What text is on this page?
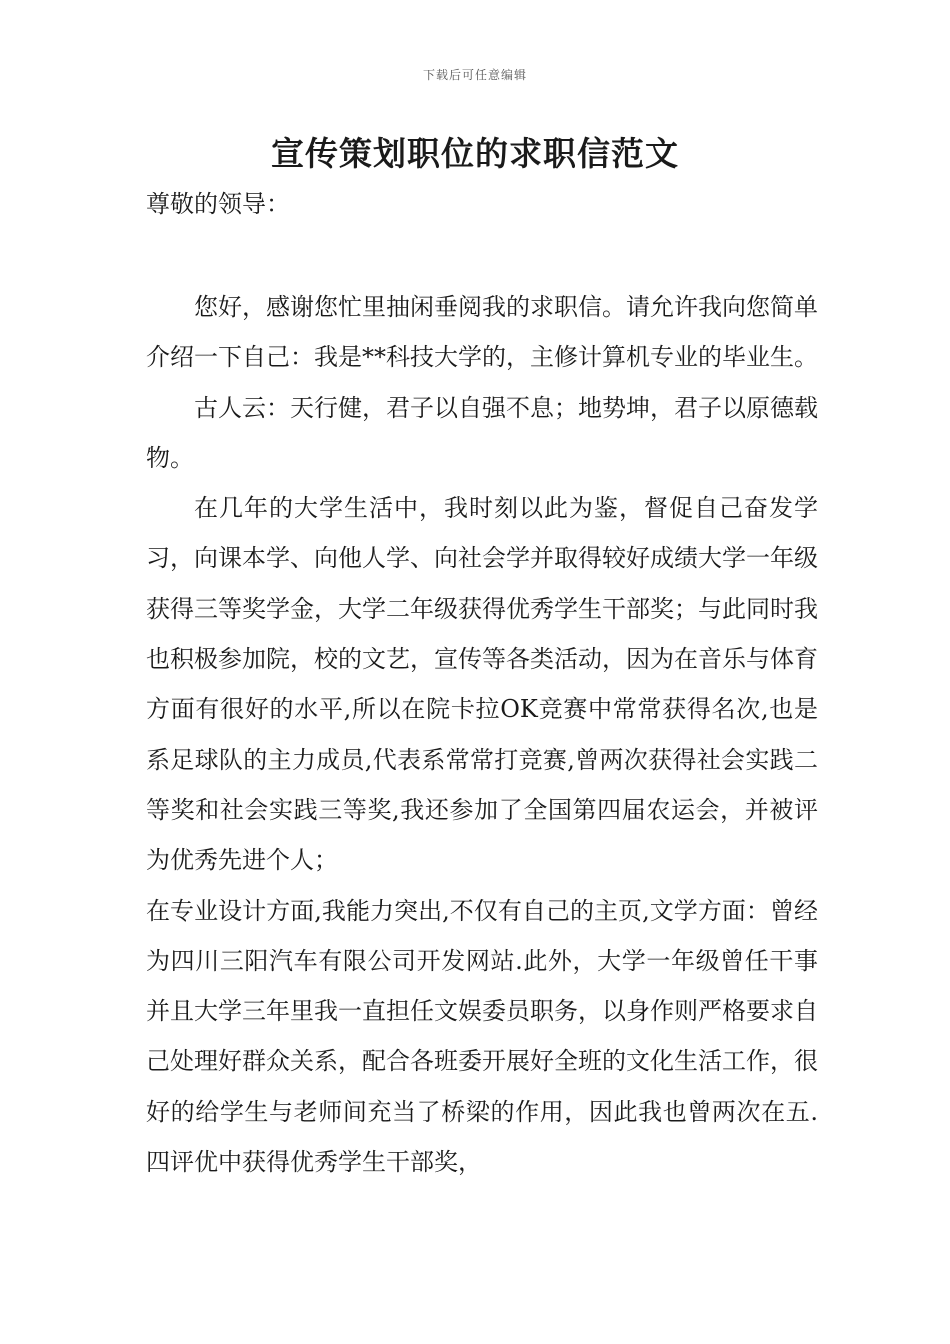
下载后可任意编辑
宣传策划职位的求职信范文

尊敬的领导：

您好，感谢您忙里抽闲垂阅我的求职信。请允许我向您简单介绍一下自己：我是**科技大学的，主修计算机专业的毕业生。

古人云：天行健，君子以自强不息；地势坤，君子以原德载物。

在几年的大学生活中，我时刻以此为鉴，督促自己奋发学习，向课本学、向他人学、向社会学并取得较好成绩大学一年级获得三等奖学金，大学二年级获得优秀学生干部奖；与此同时我也积极参加院，校的文艺，宣传等各类活动，因为在音乐与体育方面有很好的水平,所以在院卡拉OK竞赛中常常获得名次,也是系足球队的主力成员,代表系常常打竞赛,曾两次获得社会实践二等奖和社会实践三等奖,我还参加了全国第四届农运会，并被评为优秀先进个人；

在专业设计方面,我能力突出,不仅有自己的主页,文学方面：曾经为四川三阳汽车有限公司开发网站.此外，大学一年级曾任干事并且大学三年里我一直担任文娱委员职务，以身作则严格要求自己处理好群众关系，配合各班委开展好全班的文化生活工作，很好的给学生与老师间充当了桥梁的作用，因此我也曾两次在五.四评优中获得优秀学生干部奖，
